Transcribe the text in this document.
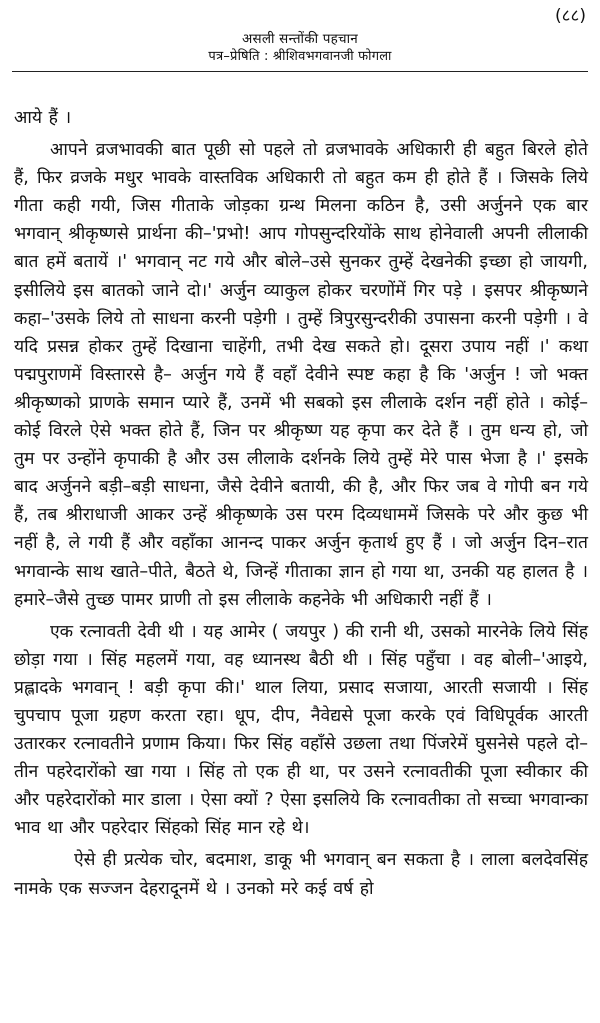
(८८)
असली सन्तोंकी पहचान
पत्र–प्रेषिति : श्रीशिवभगवानजी फोगला

आये हैं ।

आपने व्रजभावकी बात पूछी सो पहले तो व्रजभावके अधिकारी ही बहुत बिरले होते हैं, फिर व्रजके मधुर भावके वास्तविक अधिकारी तो बहुत कम ही होते हैं । जिसके लिये गीता कही गयी, जिस गीताके जोड़का ग्रन्थ मिलना कठिन है, उसी अर्जुनने एक बार भगवान् श्रीकृष्णसे प्रार्थना की–'प्रभो! आप गोपसुन्दरियोंके साथ होनेवाली अपनी लीलाकी बात हमें बतायें ।' भगवान् नट गये और बोले–उसे सुनकर तुम्हें देखनेकी इच्छा हो जायगी, इसीलिये इस बातको जाने दो।' अर्जुन व्याकुल होकर चरणोंमें गिर पड़े । इसपर श्रीकृष्णने कहा–'उसके लिये तो साधना करनी पड़ेगी । तुम्हें त्रिपुरसुन्दरीकी उपासना करनी पड़ेगी । वे यदि प्रसन्न होकर तुम्हें दिखाना चाहेंगी, तभी देख सकते हो। दूसरा उपाय नहीं ।' कथा पद्मपुराणमें विस्तारसे है– अर्जुन गये हैं वहाँ देवीने स्पष्ट कहा है कि 'अर्जुन ! जो भक्त श्रीकृष्णको प्राणके समान प्यारे हैं, उनमें भी सबको इस लीलाके दर्शन नहीं होते । कोई–कोई विरले ऐसे भक्त होते हैं, जिन पर श्रीकृष्ण यह कृपा कर देते हैं । तुम धन्य हो, जो तुम पर उन्होंने कृपाकी है और उस लीलाके दर्शनके लिये तुम्हें मेरे पास भेजा है ।' इसके बाद अर्जुनने बड़ी–बड़ी साधना, जैसे देवीने बतायी, की है, और फिर जब वे गोपी बन गये हैं, तब श्रीराधाजी आकर उन्हें श्रीकृष्णके उस परम दिव्यधाममें जिसके परे और कुछ भी नहीं है, ले गयी हैं और वहाँका आनन्द पाकर अर्जुन कृतार्थ हुए हैं । जो अर्जुन दिन–रात भगवान्के साथ खाते–पीते, बैठते थे, जिन्हें गीताका ज्ञान हो गया था, उनकी यह हालत है । हमारे–जैसे तुच्छ पामर प्राणी तो इस लीलाके कहनेके भी अधिकारी नहीं हैं ।

एक रत्नावती देवी थी । यह आमेर ( जयपुर ) की रानी थी, उसको मारनेके लिये सिंह छोड़ा गया । सिंह महलमें गया, वह ध्यानस्थ बैठी थी । सिंह पहुँचा । वह बोली–'आइये, प्रह्लादके भगवान् ! बड़ी कृपा की।' थाल लिया, प्रसाद सजाया, आरती सजायी । सिंह चुपचाप पूजा ग्रहण करता रहा। धूप, दीप, नैवेद्यसे पूजा करके एवं विधिपूर्वक आरती उतारकर रत्नावतीने प्रणाम किया। फिर सिंह वहाँसे उछला तथा पिंजरेमें घुसनेसे पहले दो–तीन पहरेदारोंको खा गया । सिंह तो एक ही था, पर उसने रत्नावतीकी पूजा स्वीकार की और पहरेदारोंको मार डाला । ऐसा क्यों ? ऐसा इसलिये कि रत्नावतीका तो सच्चा भगवान्का भाव था और पहरेदार सिंहको सिंह मान रहे थे।

ऐसे ही प्रत्येक चोर, बदमाश, डाकू भी भगवान् बन सकता है । लाला बलदेवसिंह नामके एक सज्जन देहरादूनमें थे । उनको मरे कई वर्ष हो
